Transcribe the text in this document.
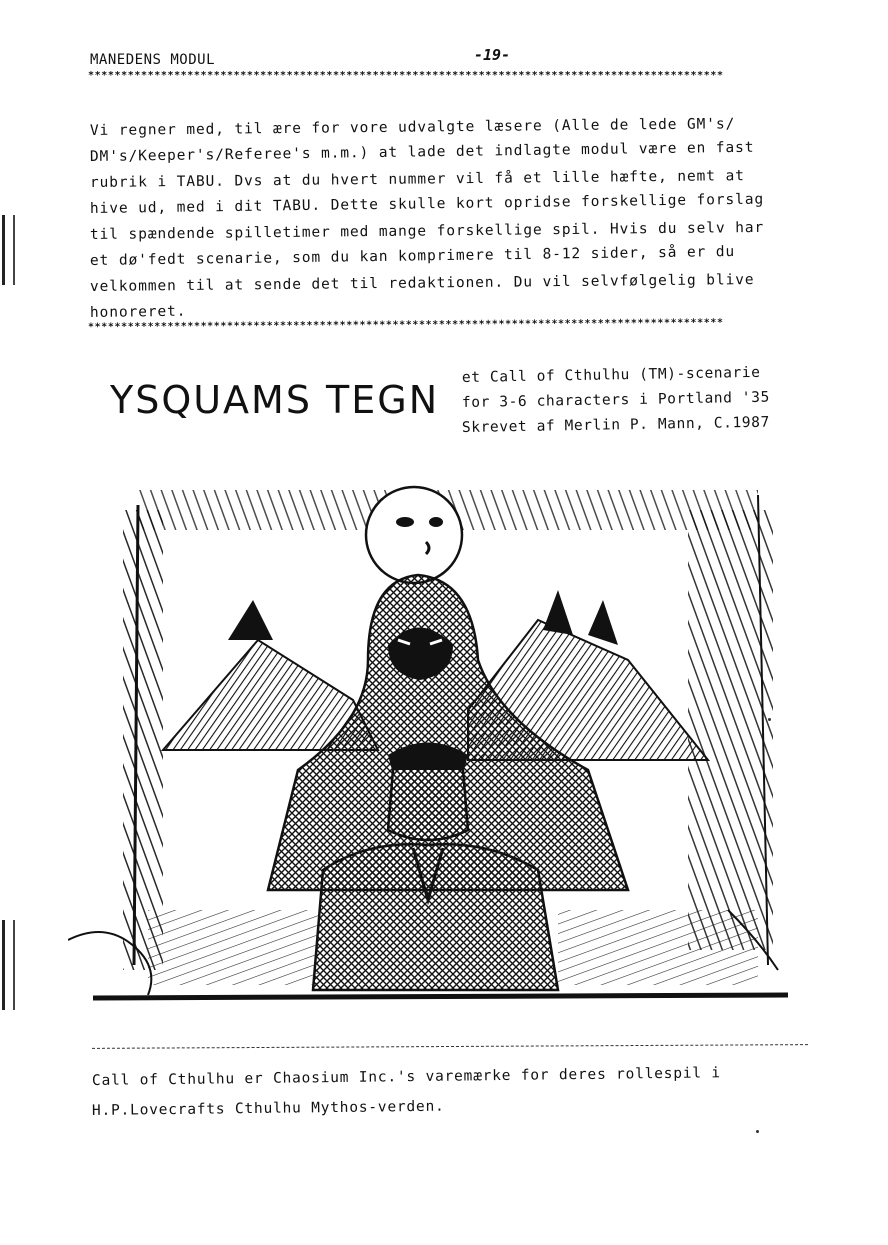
MANEDENS MODUL	-19-
************************************************************************************************

Vi regner med, til ære for vore udvalgte læsere (Alle de lede GM's/

DM's/Keeper's/Referee's m.m.) at lade det indlagte modul være en fast

rubrik i TABU. Dvs at du hvert nummer vil få et lille hæfte, nemt at

hive ud, med i dit TABU. Dette skulle kort opridse forskellige forslag

til spændende spilletimer med mange forskellige spil. Hvis du selv har

et dø'fedt scenarie, som du kan komprimere til 8-12 sider, så er du

velkommen til at sende det til redaktionen. Du vil selvfølgelig blive

honoreret.

************************************************************************************************
YSQUAMS TEGN
et Call of Cthulhu (TM)-scenarie
for 3-6 characters i Portland '35
Skrevet af Merlin P. Mann, C.1987

Call of Cthulhu er Chaosium Inc.'s varemærke for deres rollespil i

H.P.Lovecrafts Cthulhu Mythos-verden.
